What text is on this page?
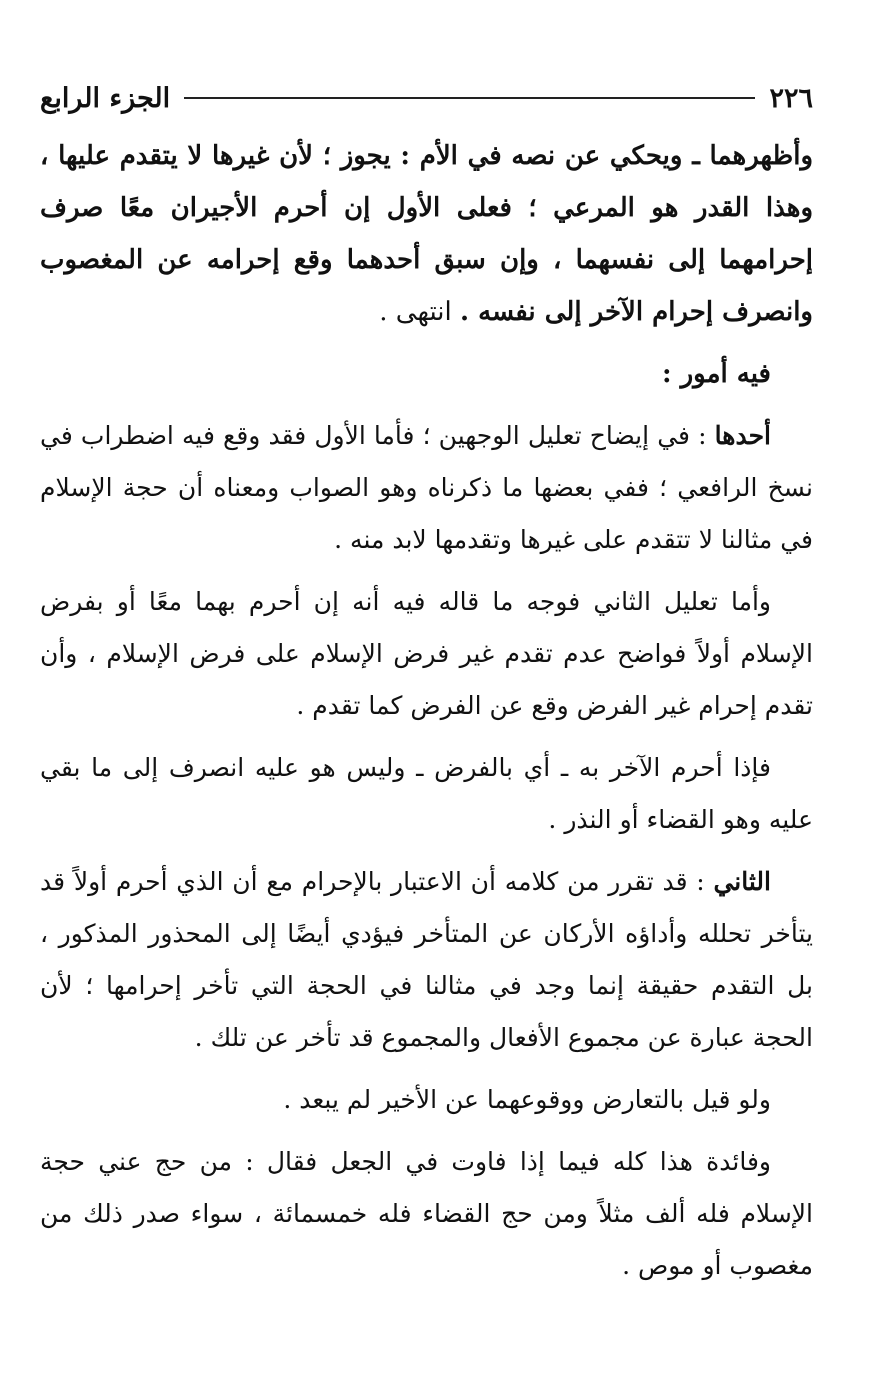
٢٢٦
الجزء الرابع

وأظهرهما ـ ويحكي عن نصه في الأم : يجوز ؛ لأن غيرها لا يتقدم عليها ، وهذا القدر هو المرعي ؛ فعلى الأول إن أحرم الأجيران معًا صرف إحرامهما إلى نفسهما ، وإن سبق أحدهما وقع إحرامه عن المغصوب وانصرف إحرام الآخر إلى نفسه . انتهى .

فيه أمور :

أحدها : في إيضاح تعليل الوجهين ؛ فأما الأول فقد وقع فيه اضطراب في نسخ الرافعي ؛ ففي بعضها ما ذكرناه وهو الصواب ومعناه أن حجة الإسلام في مثالنا لا تتقدم على غيرها وتقدمها لابد منه .

وأما تعليل الثاني فوجه ما قاله فيه أنه إن أحرم بهما معًا أو بفرض الإسلام أولاً فواضح عدم تقدم غير فرض الإسلام على فرض الإسلام ، وأن تقدم إحرام غير الفرض وقع عن الفرض كما تقدم .

فإذا أحرم الآخر به ـ أي بالفرض ـ وليس هو عليه انصرف إلى ما بقي عليه وهو القضاء أو النذر .

الثاني : قد تقرر من كلامه أن الاعتبار بالإحرام مع أن الذي أحرم أولاً قد يتأخر تحلله وأداؤه الأركان عن المتأخر فيؤدي أيضًا إلى المحذور المذكور ، بل التقدم حقيقة إنما وجد في مثالنا في الحجة التي تأخر إحرامها ؛ لأن الحجة عبارة عن مجموع الأفعال والمجموع قد تأخر عن تلك .

ولو قيل بالتعارض ووقوعهما عن الأخير لم يبعد .

وفائدة هذا كله فيما إذا فاوت في الجعل فقال : من حج عني حجة الإسلام فله ألف مثلاً ومن حج القضاء فله خمسمائة ، سواء صدر ذلك من مغصوب أو موص .
